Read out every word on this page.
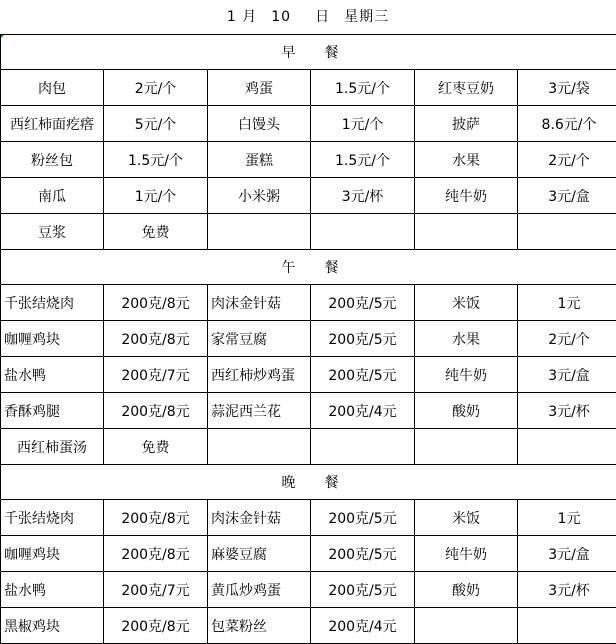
1 月 10 日 星期三
早 餐					
肉包	2元/个	鸡蛋	1.5元/个	红枣豆奶	3元/袋
西红柿面疙瘩	5元/个	白馒头	1元/个	披萨	8.6元/个
粉丝包	1.5元/个	蛋糕	1.5元/个	水果	2元/个
南瓜	1元/个	小米粥	3元/杯	纯牛奶	3元/盒
豆浆	免费				
午 餐					
千张结烧肉	200克/8元	肉沫金针菇	200克/5元	米饭	1元
咖喱鸡块	200克/8元	家常豆腐	200克/5元	水果	2元/个
盐水鸭	200克/7元	西红柿炒鸡蛋	200克/5元	纯牛奶	3元/盒
香酥鸡腿	200克/8元	蒜泥西兰花	200克/4元	酸奶	3元/杯
西红柿蛋汤	免费				
晚 餐					
千张结烧肉	200克/8元	肉沫金针菇	200克/5元	米饭	1元
咖喱鸡块	200克/8元	麻婆豆腐	200克/5元	纯牛奶	3元/盒
盐水鸭	200克/7元	黄瓜炒鸡蛋	200克/5元	酸奶	3元/杯
黑椒鸡块	200克/8元	包菜粉丝	200克/4元		
